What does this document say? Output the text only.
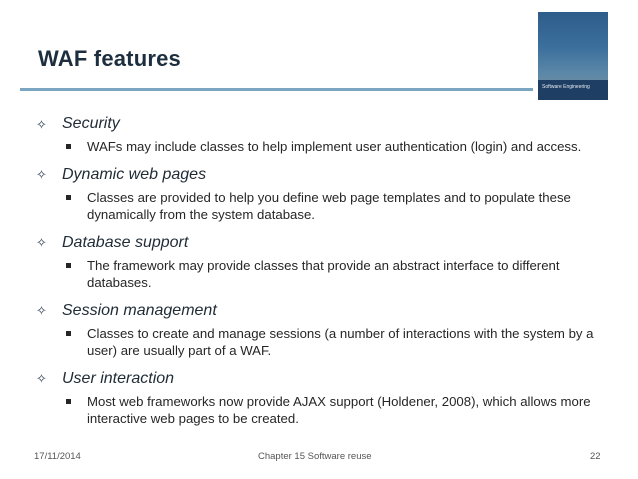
WAF features
Software Engineering
✧ Security
WAFs may include classes to help implement user authentication (login) and access.
✧ Dynamic web pages
Classes are provided to help you define web page templates and to populate these dynamically from the system database.
✧ Database support
The framework may provide classes that provide an abstract interface to different databases.
✧ Session management
Classes to create and manage sessions (a number of interactions with the system by a user) are usually part of a WAF.
✧ User interaction
Most web frameworks now provide AJAX support (Holdener, 2008), which allows more interactive web pages to be created.
17/11/2014	Chapter 15 Software reuse	22
